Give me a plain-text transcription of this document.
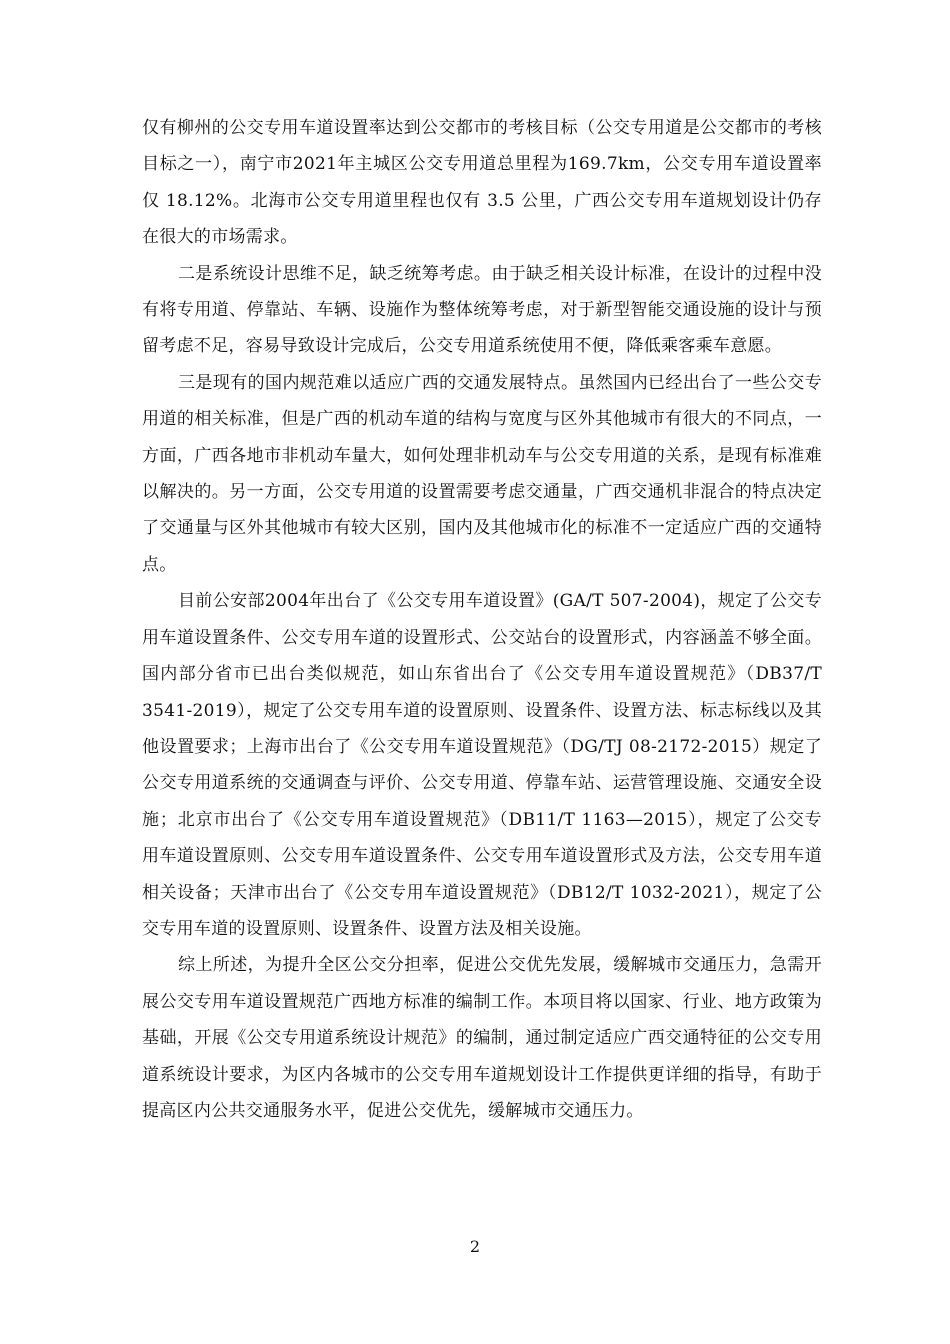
仅有柳州的公交专用车道设置率达到公交都市的考核目标（公交专用道是公交都市的考核目标之一），南宁市2021年主城区公交专用道总里程为169.7km，公交专用车道设置率仅 18.12%。北海市公交专用道里程也仅有 3.5 公里，广西公交专用车道规划设计仍存在很大的市场需求。

二是系统设计思维不足，缺乏统筹考虑。由于缺乏相关设计标准，在设计的过程中没有将专用道、停靠站、车辆、设施作为整体统筹考虑，对于新型智能交通设施的设计与预留考虑不足，容易导致设计完成后，公交专用道系统使用不便，降低乘客乘车意愿。

三是现有的国内规范难以适应广西的交通发展特点。虽然国内已经出台了一些公交专用道的相关标准，但是广西的机动车道的结构与宽度与区外其他城市有很大的不同点，一方面，广西各地市非机动车量大，如何处理非机动车与公交专用道的关系，是现有标准难以解决的。另一方面，公交专用道的设置需要考虑交通量，广西交通机非混合的特点决定了交通量与区外其他城市有较大区别，国内及其他城市化的标准不一定适应广西的交通特点。

目前公安部2004年出台了《公交专用车道设置》(GA/T 507-2004)，规定了公交专用车道设置条件、公交专用车道的设置形式、公交站台的设置形式，内容涵盖不够全面。国内部分省市已出台类似规范，如山东省出台了《公交专用车道设置规范》（DB37/T 3541-2019），规定了公交专用车道的设置原则、设置条件、设置方法、标志标线以及其他设置要求；上海市出台了《公交专用车道设置规范》（DG/TJ 08-2172-2015）规定了公交专用道系统的交通调查与评价、公交专用道、停靠车站、运营管理设施、交通安全设施；北京市出台了《公交专用车道设置规范》（DB11/T 1163—2015），规定了公交专用车道设置原则、公交专用车道设置条件、公交专用车道设置形式及方法，公交专用车道相关设备；天津市出台了《公交专用车道设置规范》（DB12/T 1032-2021），规定了公交专用车道的设置原则、设置条件、设置方法及相关设施。

综上所述，为提升全区公交分担率，促进公交优先发展，缓解城市交通压力，急需开展公交专用车道设置规范广西地方标准的编制工作。本项目将以国家、行业、地方政策为基础，开展《公交专用道系统设计规范》的编制，通过制定适应广西交通特征的公交专用道系统设计要求，为区内各城市的公交专用车道规划设计工作提供更详细的指导，有助于提高区内公共交通服务水平，促进公交优先，缓解城市交通压力。

2
